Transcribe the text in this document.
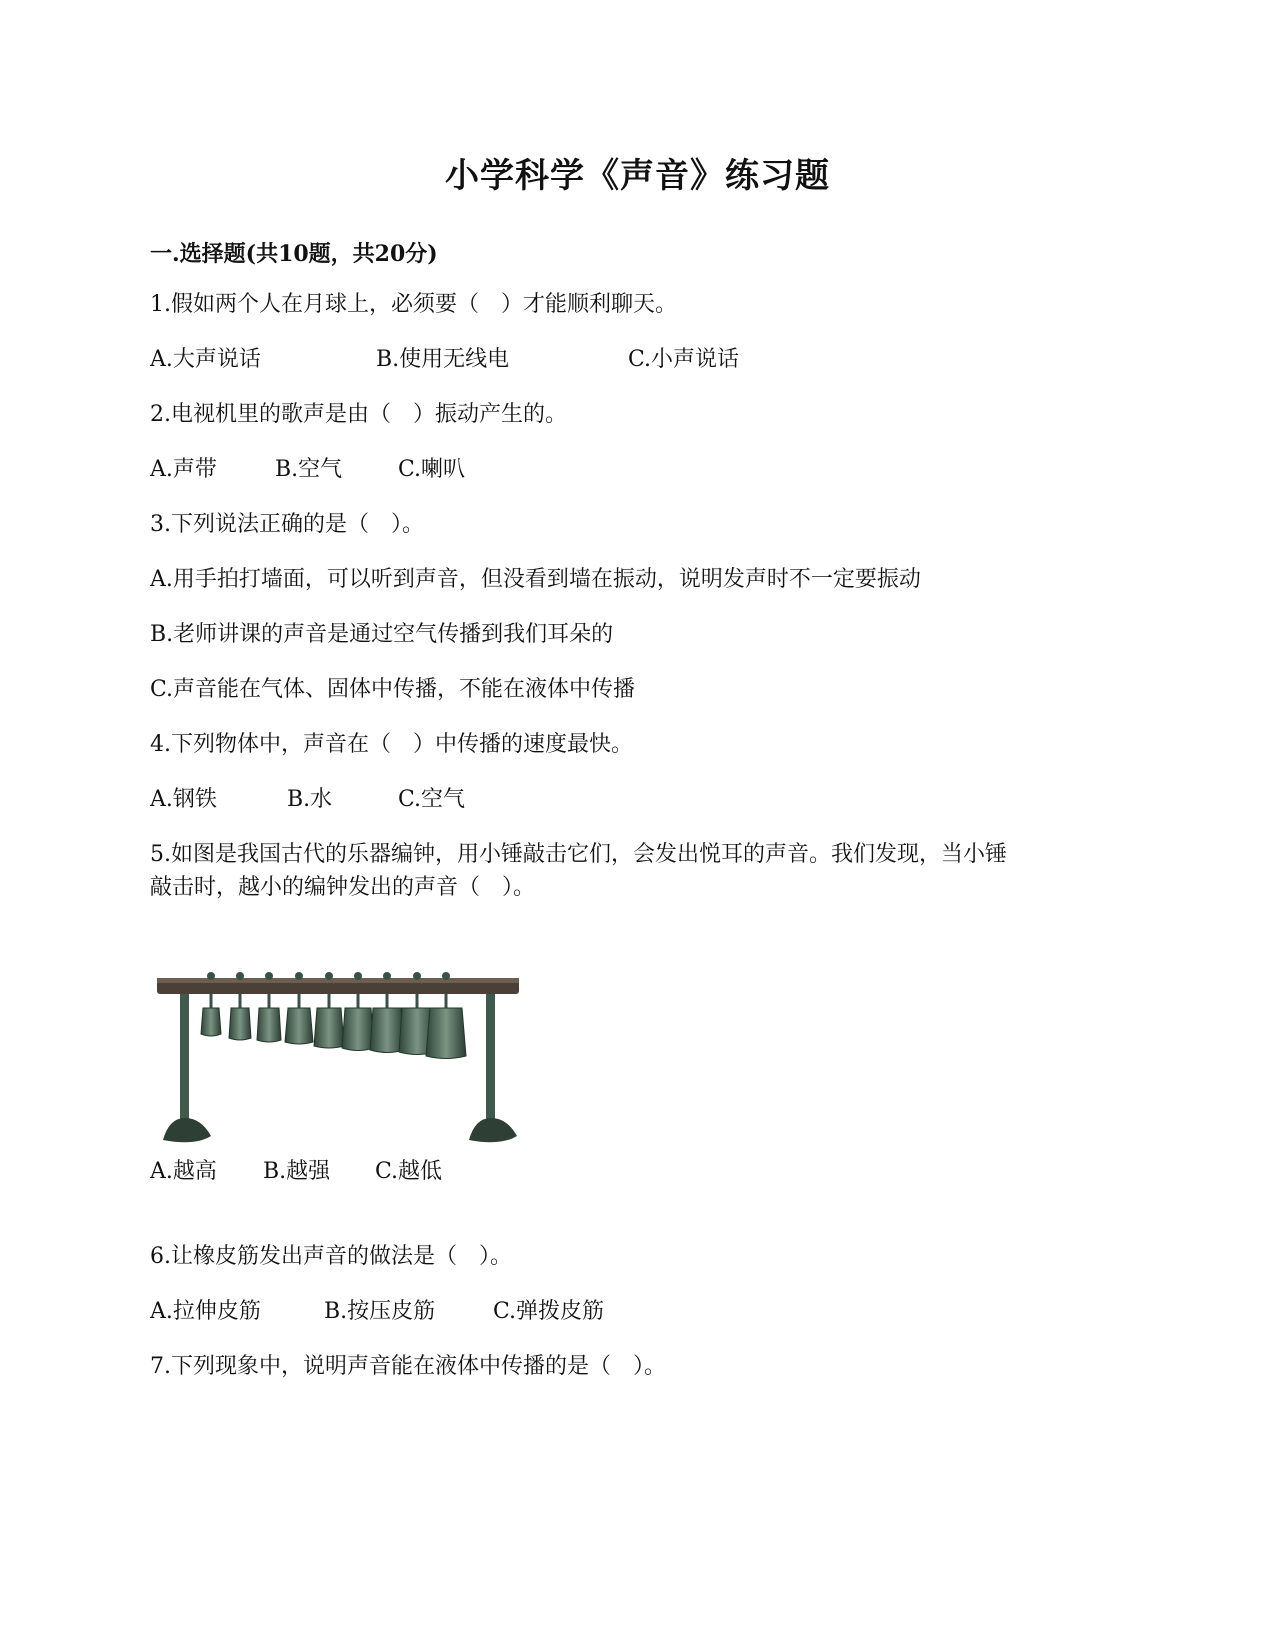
小学科学《声音》练习题
一.选择题(共10题，共20分)
1.假如两个人在月球上，必须要（　）才能顺利聊天。
A.大声说话	B.使用无线电	C.小声说话
2.电视机里的歌声是由（　）振动产生的。
A.声带	B.空气	C.喇叭
3.下列说法正确的是（　）。
A.用手拍打墙面，可以听到声音，但没看到墙在振动，说明发声时不一定要振动
B.老师讲课的声音是通过空气传播到我们耳朵的
C.声音能在气体、固体中传播，不能在液体中传播
4.下列物体中，声音在（　）中传播的速度最快。
A.钢铁	B.水	C.空气
5.如图是我国古代的乐器编钟，用小锤敲击它们，会发出悦耳的声音。我们发现，当小锤
敲击时，越小的编钟发出的声音（　）。
A.越高 B.越强 C.越低
6.让橡皮筋发出声音的做法是（　）。
A.拉伸皮筋	B.按压皮筋	C.弹拨皮筋
7.下列现象中，说明声音能在液体中传播的是（　）。
